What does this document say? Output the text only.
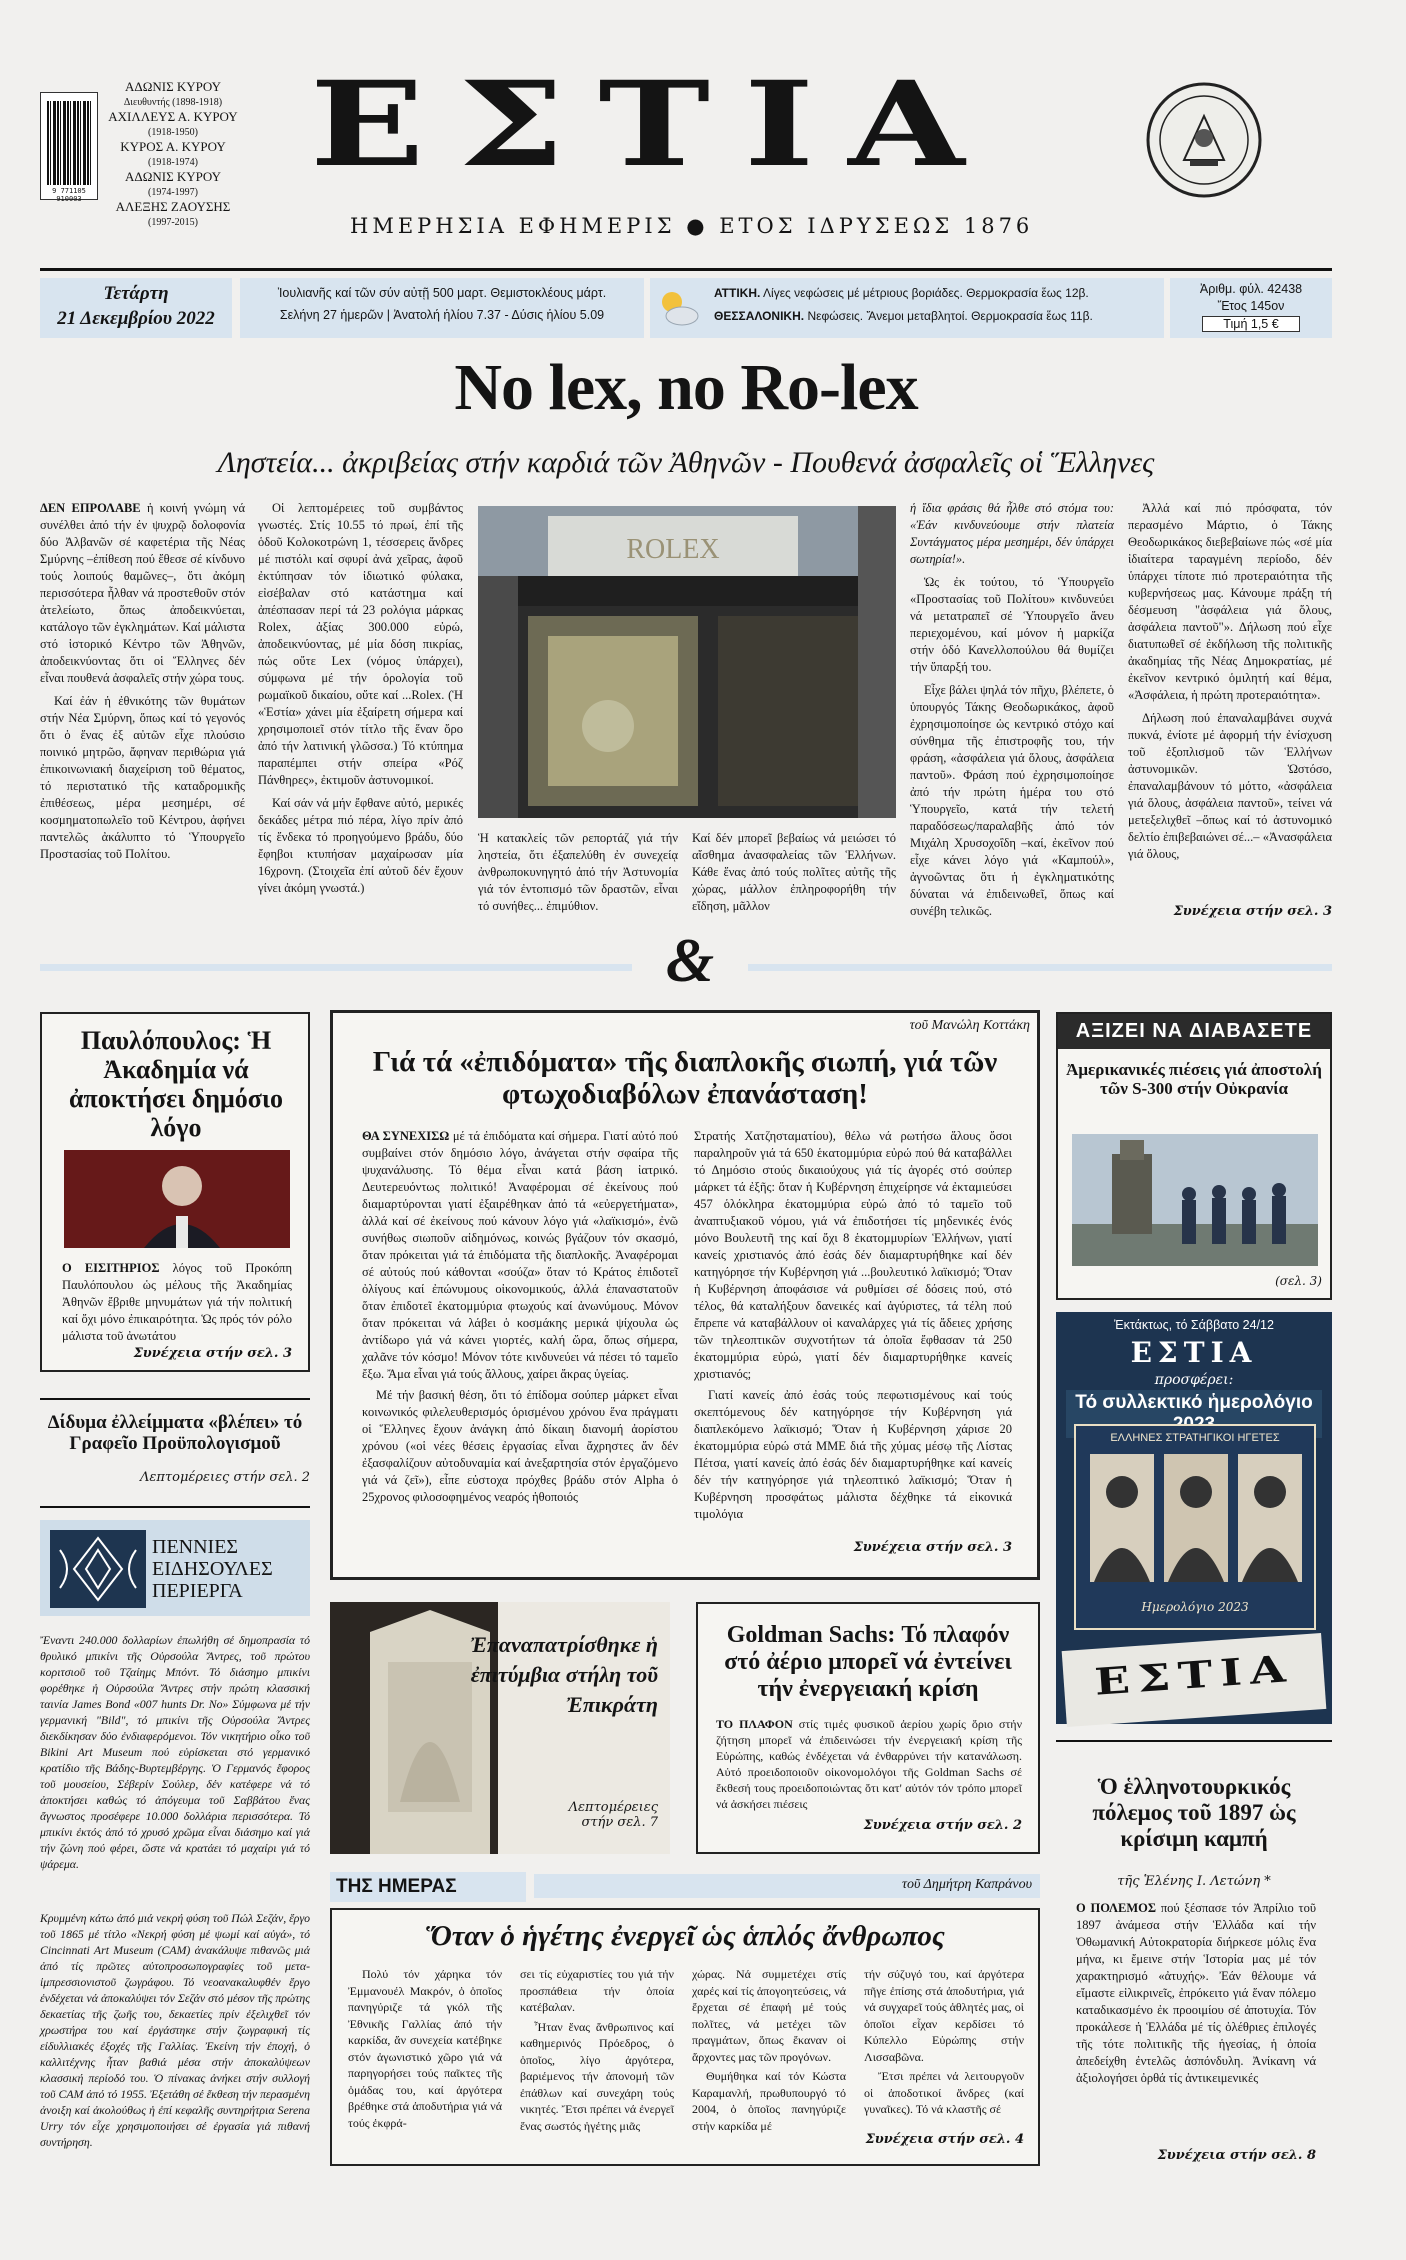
9 771105 910003
ΑΔΩΝΙΣ ΚΥΡΟΥ
Διευθυντής (1898-1918)
ΑΧΙΛΛΕΥΣ Α. ΚΥΡΟΥ
(1918-1950)
ΚΥΡΟΣ Α. ΚΥΡΟΥ
(1918-1974)
ΑΔΩΝΙΣ ΚΥΡΟΥ
(1974-1997)
ΑΛΕΞΗΣ ΖΑΟΥΣΗΣ
(1997-2015)
ΕΣΤΙΑ
ΗΜΕΡΗΣΙΑ ΕΦΗΜΕΡΙΣ ● ΕΤΟΣ ΙΔΡΥΣΕΩΣ 1876
Τετάρτη
21 Δεκεμβρίου 2022
Ἰουλιανῆς καί τῶν σύν αὐτῇ 500 μαρτ. Θεμιστοκλέους μάρτ.
Σελήνη 27 ἡμερῶν | Ἀνατολή ἡλίου 7.37 - Δύσις ἡλίου 5.09
ΑΤΤΙΚΗ. Λίγες νεφώσεις μέ μέτριους βοριάδες. Θερμοκρασία ἕως 12β.
ΘΕΣΣΑΛΟΝΙΚΗ. Νεφώσεις. Ἄνεμοι μεταβλητοί. Θερμοκρασία ἕως 11β.
Ἀριθμ. φύλ. 42438
Ἔτος 145ον
Τιμή 1,5 €
No lex, no Ro-lex
Ληστεία... ἀκριβείας στήν καρδιά τῶν Ἀθηνῶν - Πουθενά ἀσφαλεῖς οἱ Ἕλληνες

ΔΕΝ ΕΠΡΟΛΑΒΕ ἡ κοινή γνώμη νά συνέλθει ἀπό τήν ἐν ψυχρῷ δολοφονία δύο Ἀλβανῶν σέ καφετέρια τῆς Νέας Σμύρνης –ἐπίθεση πού ἔθεσε σέ κίνδυνο τούς λοιπούς θαμῶνες–, ὅτι ἀκόμη περισσότερα ἦλθαν νά προστεθοῦν στόν ἀτελείωτο, ὅπως ἀποδεικνύεται, κατάλογο τῶν ἐγκλημάτων. Καί μάλιστα στό ἱστορικό Κέντρο τῶν Ἀθηνῶν, ἀποδεικνύοντας ὅτι οἱ Ἕλληνες δέν εἶναι πουθενά ἀσφαλεῖς στήν χώρα τους.

Καί ἐάν ἡ ἐθνικότης τῶν θυμάτων στήν Νέα Σμύρνη, ὅπως καί τό γεγονός ὅτι ὁ ἕνας ἐξ αὐτῶν εἶχε πλούσιο ποινικό μητρῶο, ἄφηναν περιθώρια γιά ἐπικοινωνιακή διαχείριση τοῦ θέματος, τό περιστατικό τῆς καταδρομικῆς ἐπιθέσεως, μέρα μεσημέρι, σέ κοσμηματοπωλεῖο τοῦ Κέντρου, ἀφήνει παντελῶς ἀκάλυπτο τό Ὑπουργεῖο Προστασίας τοῦ Πολίτου.

Οἱ λεπτομέρειες τοῦ συμβάντος γνωστές. Στίς 10.55 τό πρωί, ἐπί τῆς ὁδοῦ Κολοκοτρώνη 1, τέσσερεις ἄνδρες μέ πιστόλι καί σφυρί ἀνά χεῖρας, ἀφοῦ ἐκτύπησαν τόν ἰδιωτικό φύλακα, εἰσέβαλαν στό κατάστημα καί ἀπέσπασαν περί τά 23 ρολόγια μάρκας Rolex, ἀξίας 300.000 εὐρώ, ἀποδεικνύοντας, μέ μία δόση πικρίας, πώς οὔτε Lex (νόμος ὑπάρχει), σύμφωνα μέ τήν ὁρολογία τοῦ ρωμαϊκοῦ δικαίου, οὔτε καί ...Rolex. (Ἡ «Ἑστία» χάνει μία ἐξαίρετη σήμερα καί χρησιμοποιεῖ στόν τίτλο τῆς ἕναν ὅρο ἀπό τήν λατινική γλῶσσα.) Τό κτύπημα παραπέμπει στήν σπείρα «Ρόζ Πάνθηρες», ἐκτιμοῦν ἀστυνομικοί.

Καί σάν νά μήν ἔφθανε αὐτό, μερικές δεκάδες μέτρα πιό πέρα, λίγο πρίν ἀπό τίς ἕνδεκα τό προηγούμενο βράδυ, δύο ἔφηβοι κτυπήσαν μαχαίρωσαν μία 16χρονη. (Στοιχεῖα ἐπί αὐτοῦ δέν ἔχουν γίνει ἀκόμη γνωστά.)

ROLEX
Ἡ κατακλείς τῶν ρεπορτάζ γιά τήν ληστεία, ὅτι ἐξαπελύθη ἐν συνεχείᾳ ἀνθρωποκυνηγητό ἀπό τήν Ἀστυνομία γιά τόν ἐντοπισμό τῶν δραστῶν, εἶναι τό συνήθες... ἐπιμύθιον.
Καί δέν μπορεῖ βεβαίως νά μειώσει τό αἴσθημα ἀνασφαλείας τῶν Ἑλλήνων. Κάθε ἕνας ἀπό τούς πολῖτες αὐτῆς τῆς χώρας, μάλλον ἐπληροφορήθη τήν εἴδηση, μᾶλλον

ἡ ἴδια φράσις θά ἦλθε στό στόμα του: «Ἐάν κινδυνεύουμε στήν πλατεία Συντάγματος μέρα μεσημέρι, δέν ὑπάρχει σωτηρία!».

Ὡς ἐκ τούτου, τό Ὑπουργεῖο «Προστασίας τοῦ Πολίτου» κινδυνεύει νά μετατραπεῖ σέ Ὑπουργεῖο ἄνευ περιεχομένου, καί μόνον ἡ μαρκίζα στήν ὁδό Κανελλοπούλου θά θυμίζει τήν ὕπαρξή του.

Εἶχε βάλει ψηλά τόν πῆχυ, βλέπετε, ὁ ὑπουργός Τάκης Θεοδωρικάκος, ἀφοῦ ἐχρησιμοποίησε ὡς κεντρικό στόχο καί σύνθημα τῆς ἐπιστροφῆς του, τήν φράση, «ἀσφάλεια γιά ὅλους, ἀσφάλεια παντοῦ». Φράση πού ἐχρησιμοποίησε ἀπό τήν πρώτη ἡμέρα του στό Ὑπουργεῖο, κατά τήν τελετή παραδόσεως/παραλαβῆς ἀπό τόν Μιχάλη Χρυσοχοΐδη –καί, ἐκεῖνον πού εἶχε κάνει λόγο γιά «Καμπούλ», ἀγνοῶντας ὅτι ἡ ἐγκληματικότης δύναται νά ἐπιδεινωθεῖ, ὅπως καί συνέβη τελικῶς.

Ἀλλά καί πιό πρόσφατα, τόν περασμένο Μάρτιο, ὁ Τάκης Θεοδωρικάκος διεβεβαίωνε πώς «σέ μία ἰδιαίτερα ταραγμένη περίοδο, δέν ὑπάρχει τίποτε πιό προτεραιότητα τῆς κυβερνήσεως μας. Κάνουμε πράξη τή δέσμευση "ἀσφάλεια γιά ὅλους, ἀσφάλεια παντοῦ"». Δήλωση πού εἶχε διατυπωθεῖ σέ ἐκδήλωση τῆς πολιτικῆς ἀκαδημίας τῆς Νέας Δημοκρατίας, μέ ἐκεῖνον κεντρικό ὁμιλητή καί θέμα, «Ἀσφάλεια, ἡ πρώτη προτεραιότητα».

Δήλωση πού ἐπαναλαμβάνει συχνά πυκνά, ἐνίοτε μέ ἀφορμή τήν ἐνίσχυση τοῦ ἐξοπλισμοῦ τῶν Ἑλλήνων ἀστυνομικῶν. Ὡστόσο, ἐπαναλαμβάνουν τό μόττο, «ἀσφάλεια γιά ὅλους, ἀσφάλεια παντοῦ», τείνει νά μετεξελιχθεῖ –ὅπως καί τό ἀστυνομικό δελτίο ἐπιβεβαιώνει σέ...– «Ἀνασφάλεια γιά ὅλους,

Συνέχεια στήν σελ. 3
&
Παυλόπουλος: Ἡ Ἀκαδημία νά ἀποκτήσει δημόσιο λόγο
Ο ΕΙΣΙΤΗΡΙΟΣ λόγος τοῦ Προκόπη Παυλόπουλου ὡς μέλους τῆς Ἀκαδημίας Ἀθηνῶν ἔβριθε μηνυμάτων γιά τήν πολιτική καί ὄχι μόνο ἐπικαιρότητα. Ὡς πρός τόν ρόλο μάλιστα τοῦ ἀνωτάτου
Συνέχεια στήν σελ. 3
Δίδυμα ἐλλείμματα «βλέπει» τό Γραφεῖο Προϋπολογισμοῦ
Λεπτομέρειες στήν σελ. 2
ΠΕΝΝΙΕΣ
ΕΙΔΗΣΟΥΛΕΣ
ΠΕΡΙΕΡΓΑ
Ἔναντι 240.000 δολλαρίων ἐπωλήθη σέ δημοπρασία τό θρυλικό μπικίνι τῆς Οὐρσούλα Ἄντρες, τοῦ πρώτου κοριτσιοῦ τοῦ Τζαίημς Μπόντ. Τό διάσημο μπικίνι φορέθηκε ἡ Οὐρσούλα Ἄντρες στήν πρώτη κλασσική ταινία James Bond «007 hunts Dr. No» Σύμφωνα μέ τήν γερμανική "Bild", τό μπικίνι τῆς Οὐρσούλα Ἄντρες διεκδίκησαν δύο ἐνδιαφερόμενοι. Τόν νικητήριο οἶκο τοῦ Bikini Art Museum πού εὑρίσκεται στό γερμανικό κρατίδιο τῆς Βάδης-Βυρτεμβέργης. Ὁ Γερμανός ἔφορος τοῦ μουσείου, Σέβερίν Σούλερ, δέν κατέφερε νά τό ἀποκτήσει καθώς τό ἀπόγευμα τοῦ Σαββάτου ἕνας ἄγνωστος προσέφερε 10.000 δολλάρια περισσότερα. Τό μπικίνι ἐκτός ἀπό τό χρυσό χρῶμα εἶναι διάσημο καί γιά τήν ζώνη πού φέρει, ὥστε νά κρατάει τό μαχαίρι γιά τό ψάρεμα.
Κρυμμένη κάτω ἀπό μιά νεκρή φύση τοῦ Πώλ Σεζάν, ἔργο τοῦ 1865 μέ τίτλο «Νεκρή φύση μέ ψωμί καί αὐγά», τό Cincinnati Art Museum (CAM) ἀνακάλυψε πιθανῶς μιά ἀπό τίς πρῶτες αὐτοπροσωπογραφίες τοῦ μετα-ἰμπρεσσιονιστοῦ ζωγράφου. Τό νεοανακαλυφθέν ἔργο ἐνδέχεται νά ἀποκαλύψει τόν Σεζάν στό μέσον τῆς πρώτης δεκαετίας τῆς ζωῆς του, δεκαετίες πρίν ἐξελιχθεῖ τόν χρωστήρα του καί ἐργάστηκε στήν ζωγραφική τίς εἰδυλλιακές ἐξοχές τῆς Γαλλίας. Ἐκείνη τήν ἐποχή, ὁ καλλιτέχνης ἦταν βαθιά μέσα στήν ἀποκαλύψεων κλασσική περίοδό του. Ὁ πίνακας ἀνήκει στήν συλλογή τοῦ CAM ἀπό τό 1955. Ἐξετάθη σέ ἔκθεση τήν περασμένη ἀνοιξη καί ἀκολούθως ἡ ἐπί κεφαλῆς συντηρήτρια Serena Urry τόν εἶχε χρησιμοποιήσει σέ ἐργασία γιά πιθανή συντήρηση.
τοῦ Μανώλη Κοττάκη
Γιά τά «ἐπιδόματα» τῆς διαπλοκῆς σιωπή, γιά τῶν φτωχοδιαβόλων ἐπανάσταση!

ΘΑ ΣΥΝΕΧΙΣΩ μέ τά ἐπιδόματα καί σήμερα. Γιατί αὐτό πού συμβαίνει στόν δημόσιο λόγο, ἀνάγεται στήν σφαίρα τῆς ψυχανάλυσης. Τό θέμα εἶναι κατά βάση ἰατρικό. Δευτερευόντως πολιτικό! Ἀναφέρομαι σέ ἐκείνους πού διαμαρτύρονται γιατί ἐξαιρέθηκαν ἀπό τά «εὐεργετήματα», ἀλλά καί σέ ἐκείνους πού κάνουν λόγο γιά «λαϊκισμό», ἐνῶ συνήθως σιωποῦν αἰδημόνως, κοινώς βγάζουν τόν σκασμό, ὅταν πρόκειται γιά τά ἐπιδόματα τῆς διαπλοκῆς. Ἀναφέρομαι σέ αὐτούς πού κάθονται «σούζα» ὅταν τό Κράτος ἐπιδοτεῖ ὀλίγους καί ἐπώνυμους οἰκονομικούς, ἀλλά ἐπαναστατοῦν ὅταν ἐπιδοτεῖ ἑκατομμύρια φτωχούς καί ἀνωνύμους. Μόνον ὅταν πρόκειται νά λάβει ὁ κοσμάκης μερικά ψίχουλα ὡς ἀντίδωρο γιά νά κάνει γιορτές, καλή ὥρα, ὅπως σήμερα, χαλᾶνε τόν κόσμο! Μόνον τότε κινδυνεύει νά πέσει τό ταμεῖο ἔξω. Ἄμα εἶναι γιά τούς ἄλλους, χαίρει ἄκρας ὑγείας.

Μέ τήν βασική θέση, ὅτι τό ἐπίδομα σούπερ μάρκετ εἶναι κοινωνικός φιλελευθερισμός ὁρισμένου χρόνου ἕνα πράγματι οἱ Ἕλληνες ἔχουν ἀνάγκη ἀπό δίκαιη διανομή ἀορίστου χρόνου («οἱ νέες θέσεις ἐργασίας εἶναι ἄχρηστες ἄν δέν ἐξασφαλίζουν αὐτοδυναμία καί ἀνεξαρτησία στόν ἐργαζόμενο γιά νά ζεῖ»), εἶπε εὐστοχα πρόχθες βράδυ στόν Alpha ὁ 25χρονος φιλοσοφημένος νεαρός ἡθοποιός

Στρατής Χατζησταματίου), θέλω νά ρωτήσω ἅλους ὅσοι παραληροῦν γιά τά 650 ἑκατομμύρια εὐρώ πού θά καταβάλλει τό Δημόσιο στούς δικαιούχους γιά τίς ἀγορές στό σούπερ μάρκετ τά ἐξῆς: ὅταν ἡ Κυβέρνηση ἐπιχείρησε νά ἐκταμιεύσει 457 ὁλόκληρα ἑκατομμύρια εὐρώ ἀπό τό ταμεῖο τοῦ ἀναπτυξιακοῦ νόμου, γιά νά ἐπιδοτήσει τίς μηδενικές ἑνός μόνο Βουλευτῆ της καί ὄχι 8 ἑκατομμυρίων Ἑλλήνων, γιατί κανείς χριστιανός ἀπό ἐσάς δέν διαμαρτυρήθηκε καί δέν κατηγόρησε τήν Κυβέρνηση γιά ...βουλευτικό λαϊκισμό; Ὅταν ἡ Κυβέρνηση ἀποφάσισε νά ρυθμίσει σέ δόσεις πού, στό τέλος, θά καταλήξουν δανεικές καί ἀγύριστες, τά τέλη πού ἔπρεπε νά καταβάλλουν οἱ καναλάρχες γιά τίς ἄδειες χρήσης τῶν τηλεοπτικῶν συχνοτήτων τά ὁποῖα ἔφθασαν τά 250 ἑκατομμύρια εὐρώ, γιατί δέν διαμαρτυρήθηκε κανείς χριστιανός;

Γιατί κανείς ἀπό ἐσάς τούς πεφωτισμένους καί τούς σκεπτόμενους δέν κατηγόρησε τήν Κυβέρνηση γιά διαπλεκόμενο λαϊκισμό; Ὅταν ἡ Κυβέρνηση χάρισε 20 ἑκατομμύρια εὐρώ στά ΜΜΕ διά τῆς χύμας μέσῳ τῆς Λίστας Πέτσα, γιατί κανείς ἀπό ἐσάς δέν διαμαρτυρήθηκε καί κανείς δέν τήν κατηγόρησε γιά τηλεοπτικό λαϊκισμό; Ὅταν ἡ Κυβέρνηση προσφάτως μάλιστα δέχθηκε τά εἰκονικά τιμολόγια

Συνέχεια στήν σελ. 3
ΑΞΙΖΕΙ ΝΑ ΔΙΑΒΑΣΕΤΕ
Ἀμερικανικές πιέσεις γιά ἀποστολή τῶν S-300 στήν Οὐκρανία
(σελ. 3)
Ἐκτάκτως, τό Σάββατο 24/12
ΕΣΤΙΑ
προσφέρει:
Τό συλλεκτικό ἡμερολόγιο
ΕΛΛΗΝΕΣ ΣΤΡΑΤΗΓΙΚΟΙ ΗΓΕΤΕΣ
Ημερολόγιο 2023
ΕΣΤΙΑ
Ἐπαναπατρίσθηκε ἡ ἐπιτύμβια στήλη τοῦ Ἐπικράτη
Λεπτομέρειες στήν σελ. 7
Goldman Sachs: Τό πλαφόν στό ἀέριο μπορεῖ νά ἐντείνει τήν ἐνεργειακή κρίση
ΤΟ ΠΛΑΦΟΝ στίς τιμές φυσικοῦ ἀερίου χωρίς ὅριο στήν ζήτηση μπορεῖ νά ἐπιδεινώσει τήν ἐνεργειακή κρίση τῆς Εὐρώπης, καθώς ἐνδέχεται νά ἐνθαρρύνει τήν κατανάλωση. Αὐτό προειδοποιοῦν οἰκονομολόγοι τῆς Goldman Sachs σέ ἔκθεσή τους προειδοποιώντας ὅτι κατ' αὐτόν τόν τρόπο μπορεῖ νά ἀσκήσει πιέσεις
Συνέχεια στήν σελ. 2
Ὁ ἑλληνοτουρκικός πόλεμος τοῦ 1897 ὡς κρίσιμη καμπή
τῆς Ἑλένης Ι. Λετώνη *
Ο ΠΟΛΕΜΟΣ πού ξέσπασε τόν Ἀπρίλιο τοῦ 1897 ἀνάμεσα στήν Ἑλλάδα καί τήν Ὀθωμανική Αὐτοκρατορία διήρκεσε μόλις ἕνα μήνα, κι ἔμεινε στήν Ἱστορία μας μέ τόν χαρακτηρισμό «ἀτυχής». Ἐάν θέλουμε νά εἴμαστε εἰλικρινεῖς, ἐπρόκειτο γιά ἕναν πόλεμο καταδικασμένο ἐκ προοιμίου σέ ἀποτυχία. Τόν προκάλεσε ἡ Ἑλλάδα μέ τίς ὀλέθριες ἐπιλογές τῆς τότε πολιτικῆς τῆς ἡγεσίας, ἡ ὁποία ἀπεδείχθη ἐντελῶς ἀσπόνδυλη. Ἀνίκανη νά ἀξιολογήσει ὀρθά τίς ἀντικειμενικές
Συνέχεια στήν σελ. 8
ΤΗΣ ΗΜΕΡΑΣ	τοῦ Δημήτρη Καπράνου
Ὅταν ὁ ἡγέτης ἐνεργεῖ ὡς ἁπλός ἄνθρωπος
Πολύ τόν χάρηκα τόν Ἐμμανουέλ Μακρόν, ὁ ὁποῖος πανηγύριζε τά γκόλ τῆς Ἐθνικῆς Γαλλίας ἀπό τήν καρκίδα, ἄν συνεχεία κατέβηκε στόν ἀγωνιστικό χῶρο γιά νά παρηγορήσει τούς παῖκτες τῆς ὁμάδας του, καί ἀργότερα βρέθηκε στά ἀποδυτήρια γιά νά τούς ἐκφρά-

σει τίς εὐχαριστίες του γιά τήν προσπάθεια τήν ὁποία κατέβαλαν.

Ἦταν ἕνας ἄνθρωπινος καί καθημερινός Πρόεδρος, ὁ ὁποῖος, λίγο ἀργότερα, βαριέμενος τήν ἀπονομή τῶν ἐπάθλων καί συνεχάρη τούς νικητές. Ἔτσι πρέπει νά ἐνεργεῖ ἕνας σωστός ἡγέτης μιᾶς

χώρας. Νά συμμετέχει στίς χαρές καί τίς ἀπογοητεύσεις, νά ἔρχεται σέ ἐπαφή μέ τούς πολῖτες, νά μετέχει τῶν πραγμάτων, ὅπως ἔκαναν οἱ ἄρχοντες μας τῶν προγόνων.

Θυμήθηκα καί τόν Κώστα Καραμανλή, πρωθυπουργό τό 2004, ὁ ὁποῖος πανηγύριζε στήν καρκίδα μέ

τήν σύζυγό του, καί ἀργότερα πῆγε ἐπίσης στά ἀποδυτήρια, γιά νά συγχαρεῖ τούς ἀθλητές μας, οἱ ὁποῖοι εἶχαν κερδίσει τό Κύπελλο Εὐρώπης στήν Λισσαβῶνα.

Ἔτσι πρέπει νά λειτουργοῦν οἱ ἀποδοτικοί ἄνδρες (καί γυναῖκες). Τό νά κλαστῆς σέ

Συνέχεια στήν σελ. 4
